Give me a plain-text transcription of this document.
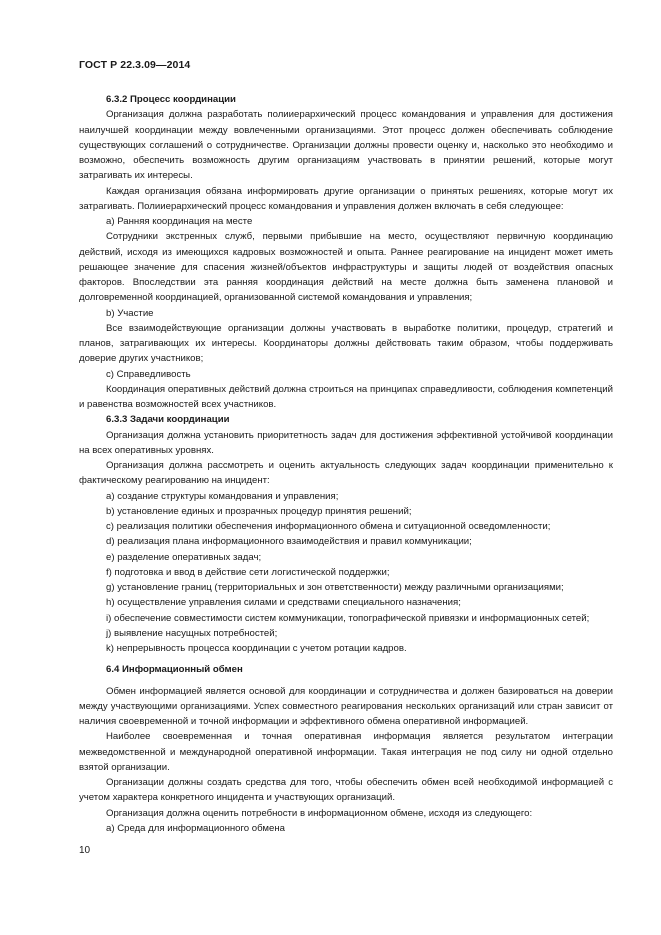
ГОСТ Р 22.3.09—2014

6.3.2 Процесс координации

Организация должна разработать полииерархический процесс командования и управления для достижения наилучшей координации между вовлеченными организациями. Этот процесс должен обеспечивать соблюдение существующих соглашений о сотрудничестве. Организации должны провести оценку и, насколько это необходимо и возможно, обеспечить возможность другим организациям участвовать в принятии решений, которые могут затрагивать их интересы.

Каждая организация обязана информировать другие организации о принятых решениях, которые могут их затрагивать. Полииерархический процесс командования и управления должен включать в себя следующее:

а) Ранняя координация на месте

Сотрудники экстренных служб, первыми прибывшие на место, осуществляют первичную координацию действий, исходя из имеющихся кадровых возможностей и опыта. Раннее реагирование на инцидент может иметь решающее значение для спасения жизней/объектов инфраструктуры и защиты людей от воздействия опасных факторов. Впоследствии эта ранняя координация действий на месте должна быть заменена плановой и долговременной координацией, организованной системой командования и управления;

b) Участие

Все взаимодействующие организации должны участвовать в выработке политики, процедур, стратегий и планов, затрагивающих их интересы. Координаторы должны действовать таким образом, чтобы поддерживать доверие других участников;

c) Справедливость

Координация оперативных действий должна строиться на принципах справедливости, соблюдения компетенций и равенства возможностей всех участников.

6.3.3 Задачи координации

Организация должна установить приоритетность задач для достижения эффективной устойчивой координации на всех оперативных уровнях.

Организация должна рассмотреть и оценить актуальность следующих задач координации применительно к фактическому реагированию на инцидент:

a) создание структуры командования и управления;

b) установление единых и прозрачных процедур принятия решений;

c) реализация политики обеспечения информационного обмена и ситуационной осведомленности;

d) реализация плана информационного взаимодействия и правил коммуникации;

e) разделение оперативных задач;

f) подготовка и ввод в действие сети логистической поддержки;

g) установление границ (территориальных и зон ответственности) между различными организациями;

h) осуществление управления силами и средствами специального назначения;

i) обеспечение совместимости систем коммуникации, топографической привязки и информационных сетей;

j) выявление насущных потребностей;

k) непрерывность процесса координации с учетом ротации кадров.

6.4 Информационный обмен

Обмен информацией является основой для координации и сотрудничества и должен базироваться на доверии между участвующими организациями. Успех совместного реагирования нескольких организаций или стран зависит от наличия своевременной и точной информации и эффективного обмена оперативной информацией.

Наиболее своевременная и точная оперативная информация является результатом интеграции межведомственной и международной оперативной информации. Такая интеграция не под силу ни одной отдельно взятой организации.

Организации должны создать средства для того, чтобы обеспечить обмен всей необходимой информацией с учетом характера конкретного инцидента и участвующих организаций.

Организация должна оценить потребности в информационном обмене, исходя из следующего:

а) Среда для информационного обмена

10
